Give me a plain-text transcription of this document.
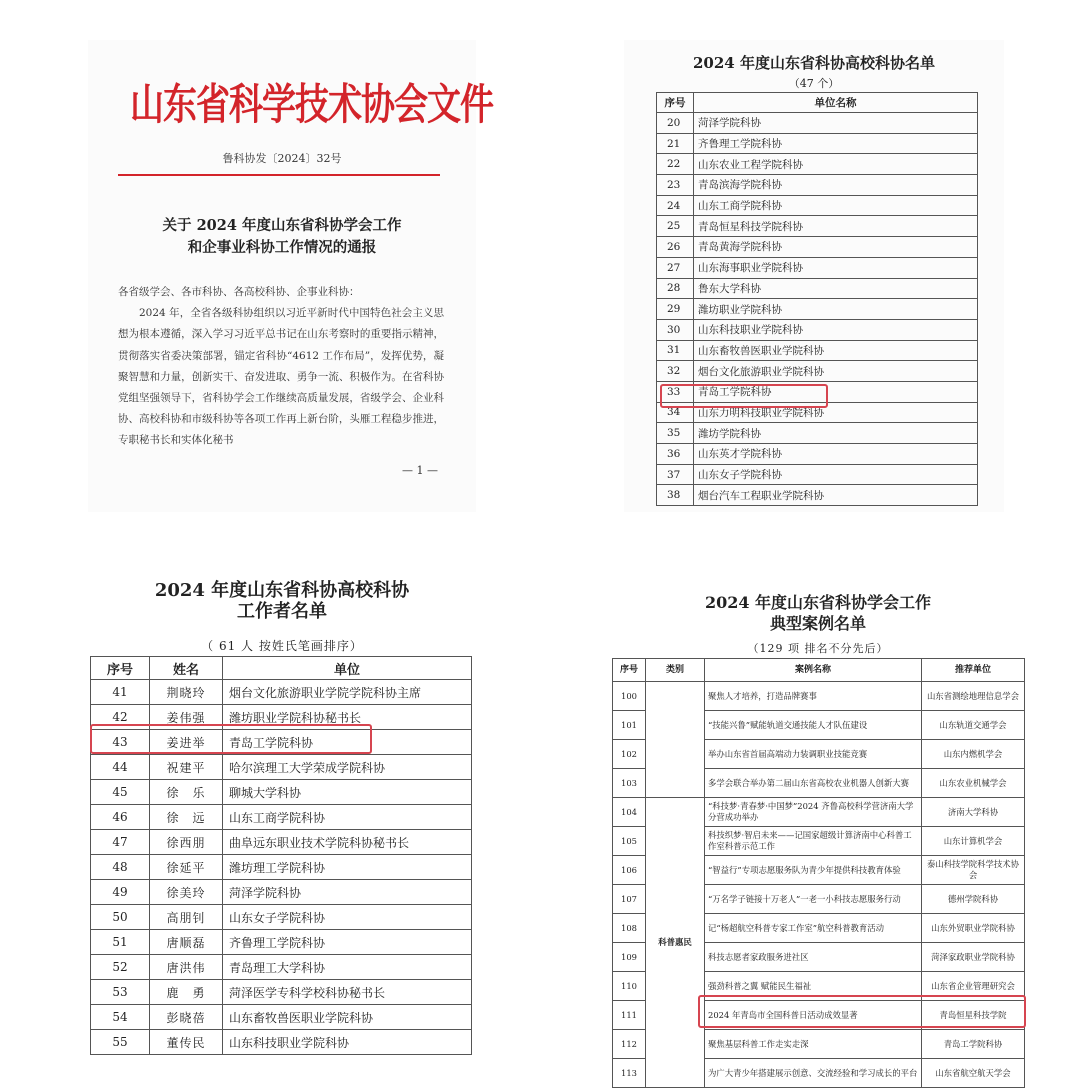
山东省科学技术协会文件
鲁科协发〔2024〕32号
关于 2024 年度山东省科协学会工作
和企事业科协工作情况的通报

各省级学会、各市科协、各高校科协、企事业科协：

2024 年，全省各级科协组织以习近平新时代中国特色社会主义思想为根本遵循，深入学习习近平总书记在山东考察时的重要指示精神，贯彻落实省委决策部署，锚定省科协“4612 工作布局”，发挥优势，凝聚智慧和力量，创新实干、奋发进取、勇争一流、积极作为。在省科协党组坚强领导下，省科协学会工作继续高质量发展，省级学会、企业科协、高校科协和市级科协等各项工作再上新台阶，头雁工程稳步推进，专职秘书长和实体化秘书

— 1 —
2024 年度山东省科协高校科协名单
（47 个）
序号	单位名称
20	菏泽学院科协
21	齐鲁理工学院科协
22	山东农业工程学院科协
23	青岛滨海学院科协
24	山东工商学院科协
25	青岛恒星科技学院科协
26	青岛黄海学院科协
27	山东海事职业学院科协
28	鲁东大学科协
29	潍坊职业学院科协
30	山东科技职业学院科协
31	山东畜牧兽医职业学院科协
32	烟台文化旅游职业学院科协
33	青岛工学院科协
34	山东力明科技职业学院科协
35	潍坊学院科协
36	山东英才学院科协
37	山东女子学院科协
38	烟台汽车工程职业学院科协
2024 年度山东省科协高校科协
工作者名单
（ 61 人 按姓氏笔画排序）
序号	姓名	单位
41	荆晓玲	烟台文化旅游职业学院学院科协主席
42	姜伟强	潍坊职业学院科协秘书长
43	姜进举	青岛工学院科协
44	祝建平	哈尔滨理工大学荣成学院科协
45	徐　乐	聊城大学科协
46	徐　远	山东工商学院科协
47	徐西朋	曲阜远东职业技术学院科协秘书长
48	徐延平	潍坊理工学院科协
49	徐美玲	菏泽学院科协
50	高朋钊	山东女子学院科协
51	唐顺磊	齐鲁理工学院科协
52	唐洪伟	青岛理工大学科协
53	鹿　勇	菏泽医学专科学校科协秘书长
54	彭晓蓓	山东畜牧兽医职业学院科协
55	董传民	山东科技职业学院科协
2024 年度山东省科协学会工作
典型案例名单
（129 项 排名不分先后）
序号	类别	案例名称	推荐单位
100		聚焦人才培养，打造品牌赛事	山东省测绘地理信息学会
101		“技能兴鲁”赋能轨道交通技能人才队伍建设	山东轨道交通学会
102		举办山东省首届高端动力装调职业技能竞赛	山东内燃机学会
103		多学会联合举办第二届山东省高校农业机器人创新大赛	山东农业机械学会
104	科普惠民	“科技梦·青春梦·中国梦”2024 齐鲁高校科学营济南大学分营成功举办	济南大学科协
105		科技织梦·智启未来——记国家超级计算济南中心科普工作室科普示范工作	山东计算机学会
106		“智益行”专项志愿服务队为青少年提供科技教育体验	泰山科技学院科学技术协会
107		“万名学子链接十万老人”一老一小科技志愿服务行动	德州学院科协
108		记“杨超航空科普专家工作室”航空科普教育活动	山东外贸职业学院科协
109		科技志愿者家政服务进社区	菏泽家政职业学院科协
110		强劲科普之翼 赋能民生福祉	山东省企业管理研究会
111		2024 年青岛市全国科普日活动成效显著	青岛恒星科技学院
112		聚焦基层科普工作走实走深	青岛工学院科协
113		为广大青少年搭建展示创意、交流经验和学习成长的平台	山东省航空航天学会
